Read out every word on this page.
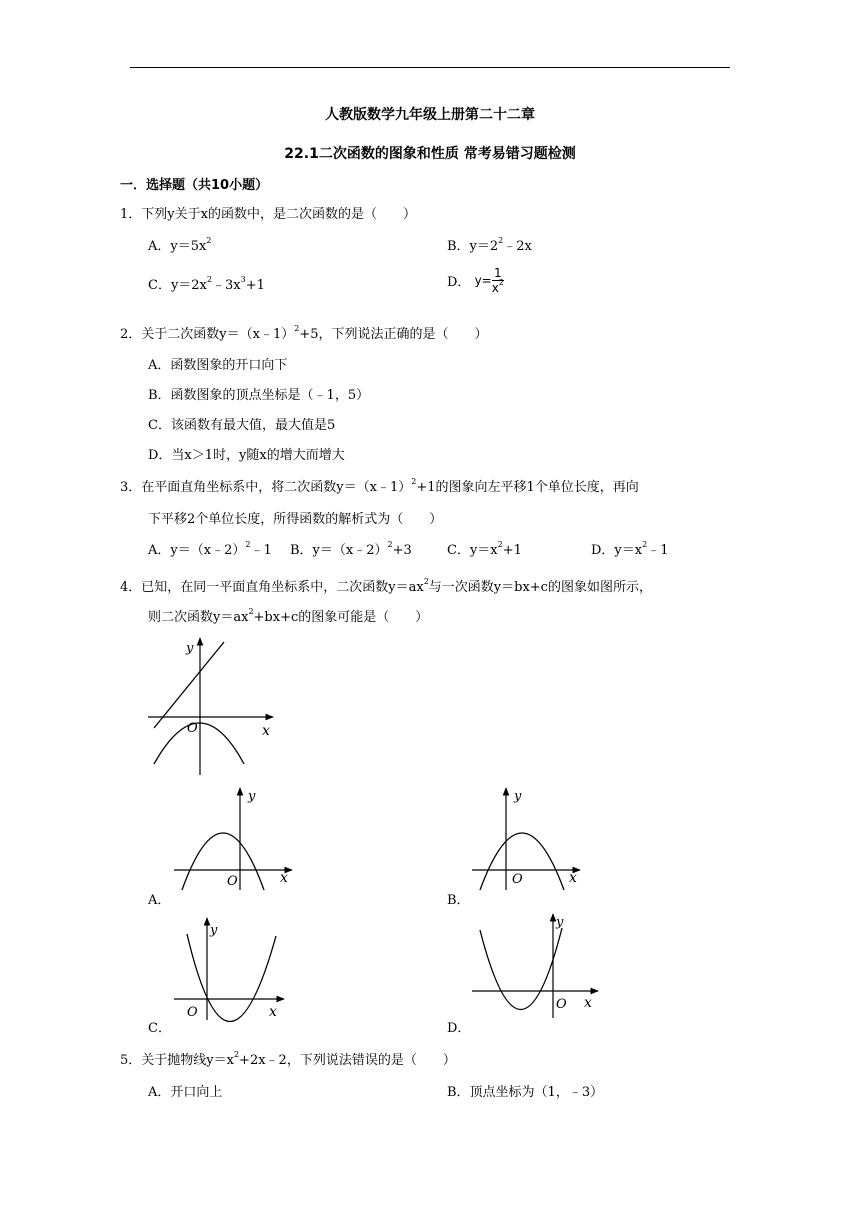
人教版数学九年级上册第二十二章
22.1二次函数的图象和性质 常考易错习题检测
一．选择题（共10小题）
1．下列y关于x的函数中，是二次函数的是（　　）
A．$y=5x^2$	B．$y=2^2﹣2x$
C．$y=2x^2﹣3x^3+1$	D． $y= \frac{1}{x^2}$
2．关于二次函数y＝（x﹣1）$^2$+5，下列说法正确的是（　　）
A．函数图象的开口向下
B．函数图象的顶点坐标是（﹣1，5）
C．该函数有最大值，最大值是5
D．当x＞1时，y随x的增大而增大
3．在平面直角坐标系中，将二次函数y＝（x﹣1）$^2$+1的图象向左平移1个单位长度，再向
下平移2个单位长度，所得函数的解析式为（　　）
A．y＝（x﹣2）$^2$﹣1 B．y＝（x﹣2）$^2$+3	C．$y=x^2+1$	D．$y=x^2﹣1$
4．已知，在同一平面直角坐标系中，二次函数$y=ax^2$与一次函数y＝bx+c的图象如图所示，
则二次函数$y=ax^2+bx+c$的图象可能是（　　）
y
x
O
y
x
O
A．
y
x
O
B．
y
x
O
C．
y
x
O
D．
5．关于抛物线$y=x^2+2x﹣2$，下列说法错误的是（　　）
A．开口向上	B．顶点坐标为（1，﹣3）
